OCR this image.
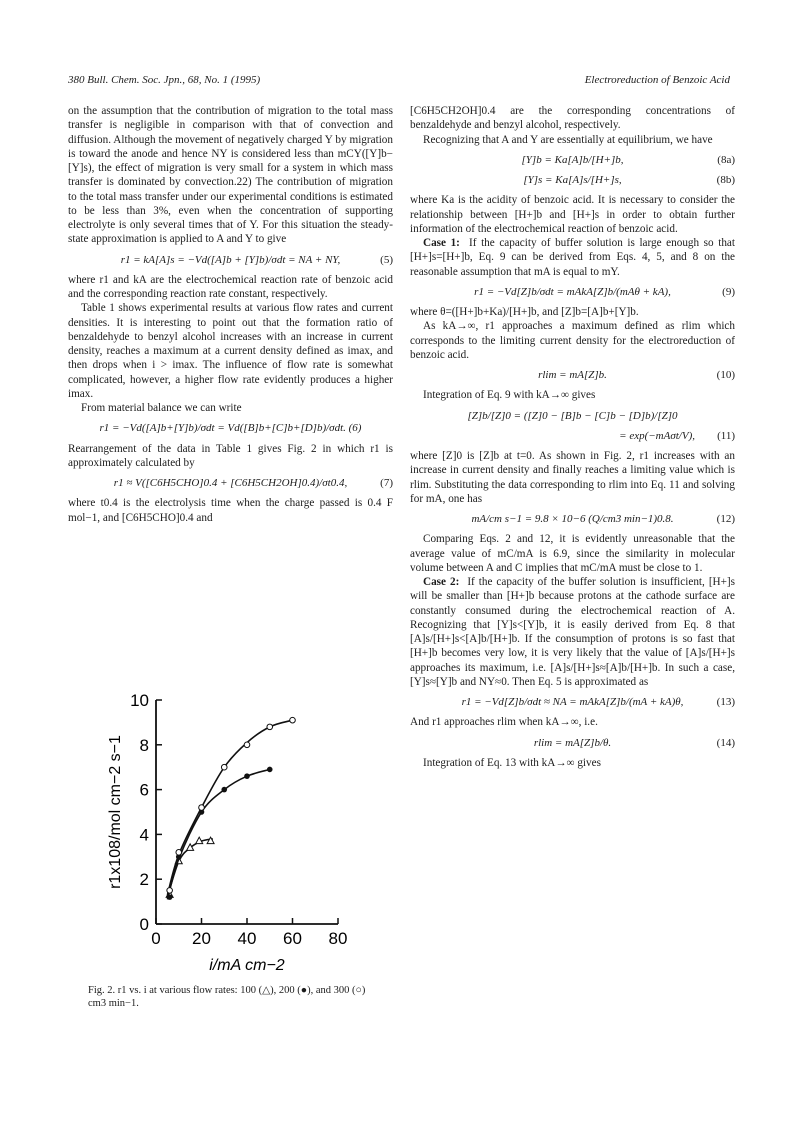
380 Bull. Chem. Soc. Jpn., 68, No. 1 (1995)	Electroreduction of Benzoic Acid

on the assumption that the contribution of migration to the total mass transfer is negligible in comparison with that of convection and diffusion. Although the movement of negatively charged Y by migration is toward the anode and hence NY is considered less than mCY([Y]b−[Y]s), the effect of migration is very small for a system in which mass transfer is dominated by convection.22) The contribution of migration to the total mass transfer under our experimental conditions is estimated to be less than 3%, even when the concentration of supporting electrolyte is only several times that of Y. For this situation the steady-state approximation is applied to A and Y to give

r1 = kA[A]s = −Vd([A]b + [Y]b)/σdt = NA + NY,	(5)

where r1 and kA are the electrochemical reaction rate of benzoic acid and the corresponding reaction rate constant, respectively.

Table 1 shows experimental results at various flow rates and current densities. It is interesting to point out that the formation ratio of benzaldehyde to benzyl alcohol increases with an increase in current density, reaches a maximum at a current density defined as imax, and then drops when i > imax. The influence of flow rate is somewhat complicated, however, a higher flow rate evidently produces a higher imax.

From material balance we can write

r1 = −Vd([A]b+[Y]b)/σdt = Vd([B]b+[C]b+[D]b)/σdt. (6)

Rearrangement of the data in Table 1 gives Fig. 2 in which r1 is approximately calculated by

r1 ≈ V([C6H5CHO]0.4 + [C6H5CH2OH]0.4)/σt0.4,	(7)

where t0.4 is the electrolysis time when the charge passed is 0.4 F mol−1, and [C6H5CHO]0.4 and

0 20 40 60 80
0
2
4
6
8
10
i/mA cm−2
r1x108/mol cm−2 s−1
Fig. 2. r1 vs. i at various flow rates: 100 (△), 200 (●), and 300 (○) cm3 min−1.

[C6H5CH2OH]0.4 are the corresponding concentrations of benzaldehyde and benzyl alcohol, respectively.

Recognizing that A and Y are essentially at equilibrium, we have

[Y]b = Ka[A]b/[H+]b,	(8a)
[Y]s = Ka[A]s/[H+]s,	(8b)

where Ka is the acidity of benzoic acid. It is necessary to consider the relationship between [H+]b and [H+]s in order to obtain further information of the electrochemical reaction of benzoic acid.

Case 1: If the capacity of buffer solution is large enough so that [H+]s=[H+]b, Eq. 9 can be derived from Eqs. 4, 5, and 8 on the reasonable assumption that mA is equal to mY.

r1 = −Vd[Z]b/σdt = mAkA[Z]b/(mAθ + kA),	(9)

where θ=([H+]b+Ka)/[H+]b, and [Z]b=[A]b+[Y]b.

As kA→∞, r1 approaches a maximum defined as rlim which corresponds to the limiting current density for the electroreduction of benzoic acid.

rlim = mA[Z]b.	(10)

Integration of Eq. 9 with kA→∞ gives

[Z]b/[Z]0 = ([Z]0 − [B]b − [C]b − [D]b)/[Z]0
= exp(−mAσt/V), (11)

where [Z]0 is [Z]b at t=0. As shown in Fig. 2, r1 increases with an increase in current density and finally reaches a limiting value which is rlim. Substituting the data corresponding to rlim into Eq. 11 and solving for mA, one has

mA/cm s−1 = 9.8 × 10−6 (Q/cm3 min−1)0.8.	(12)

Comparing Eqs. 2 and 12, it is evidently unreasonable that the average value of mC/mA is 6.9, since the similarity in molecular volume between A and C implies that mC/mA must be close to 1.

Case 2: If the capacity of the buffer solution is insufficient, [H+]s will be smaller than [H+]b because protons at the cathode surface are constantly consumed during the electrochemical reaction of A. Recognizing that [Y]s<[Y]b, it is easily derived from Eq. 8 that [A]s/[H+]s<[A]b/[H+]b. If the consumption of protons is so fast that [H+]b becomes very low, it is very likely that the value of [A]s/[H+]s approaches its maximum, i.e. [A]s/[H+]s≈[A]b/[H+]b. In such a case, [Y]s≈[Y]b and NY≈0. Then Eq. 5 is approximated as

r1 = −Vd[Z]b/σdt ≈ NA = mAkA[Z]b/(mA + kA)θ,	(13)

And r1 approaches rlim when kA→∞, i.e.

rlim = mA[Z]b/θ.	(14)

Integration of Eq. 13 with kA→∞ gives
